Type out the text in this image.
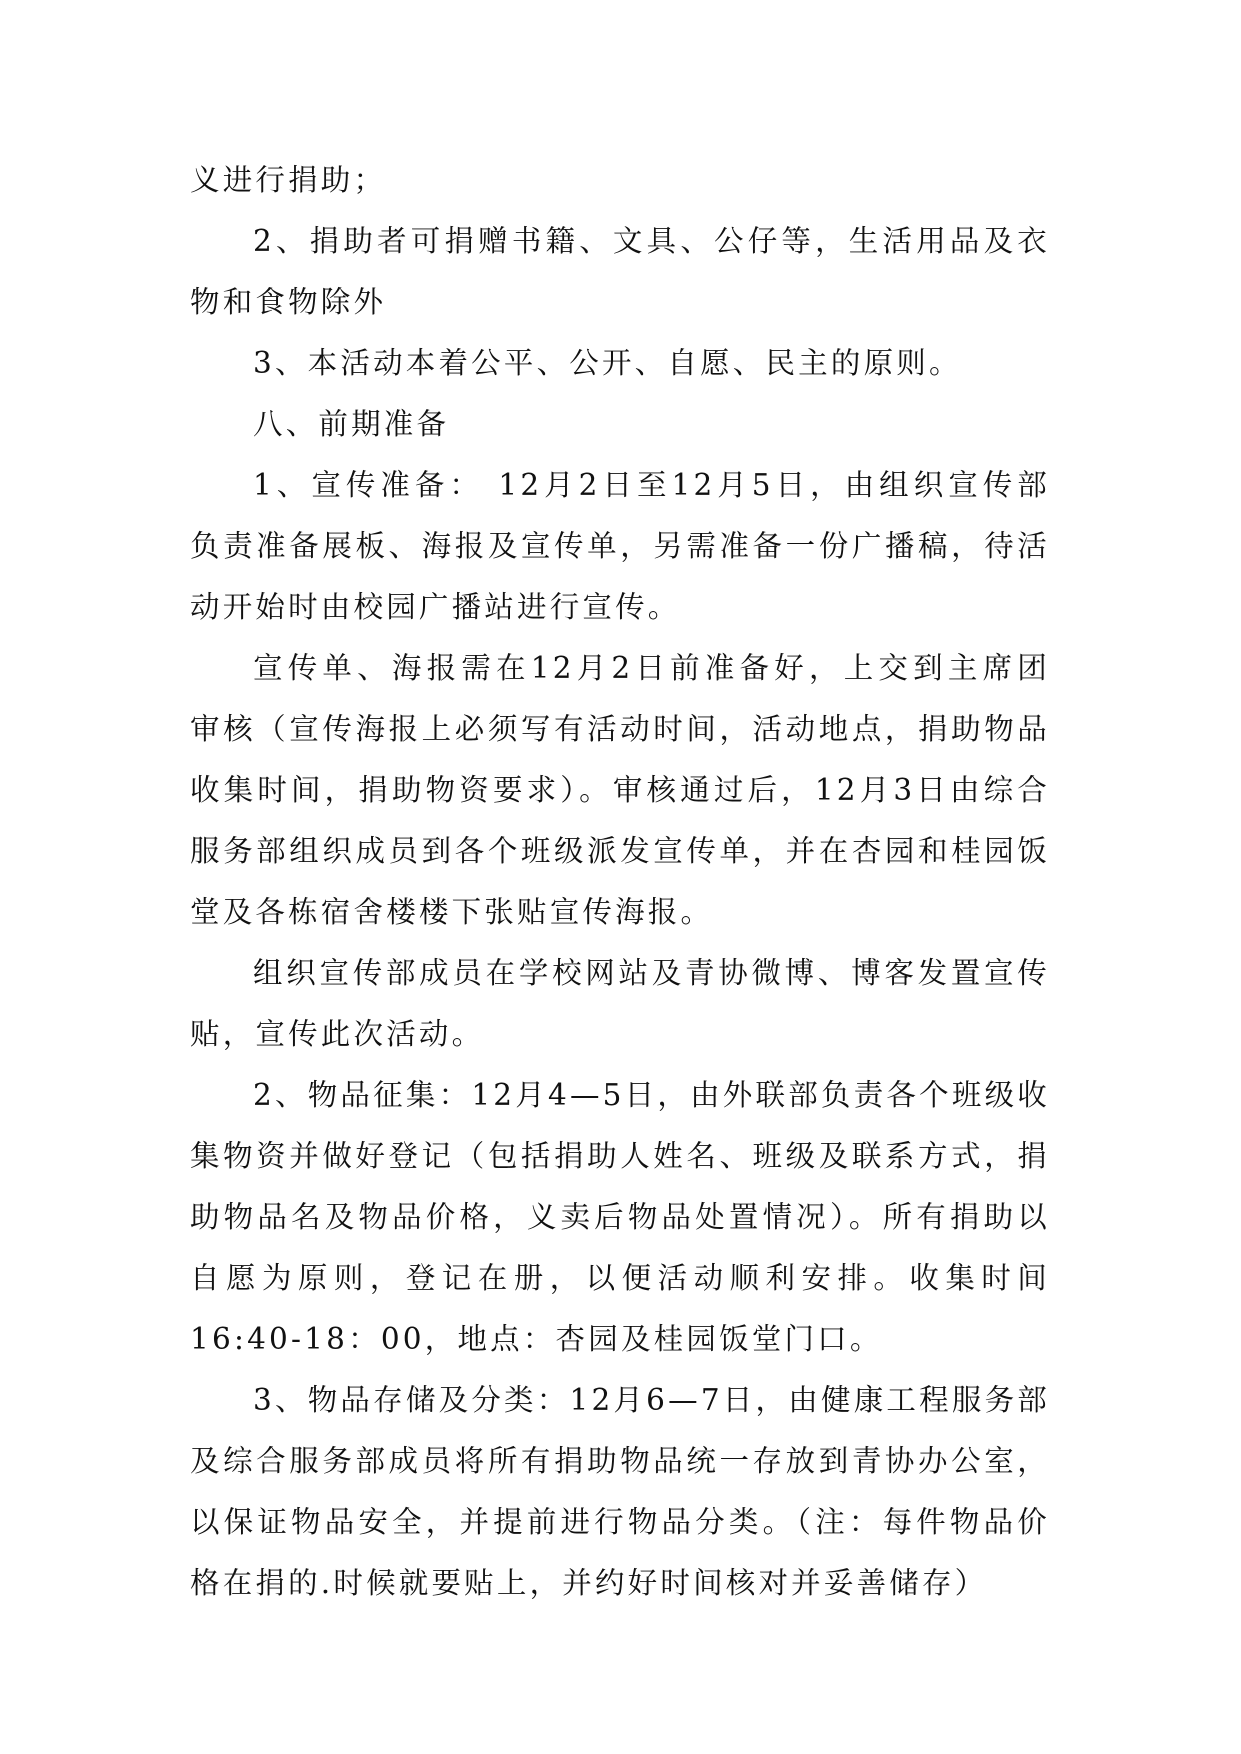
义进行捐助；
2、捐助者可捐赠书籍、文具、公仔等，生活用品及衣
物和食物除外
3、本活动本着公平、公开、自愿、民主的原则。
八、前期准备
1、宣传准备： 12月2日至12月5日，由组织宣传部
负责准备展板、海报及宣传单，另需准备一份广播稿，待活
动开始时由校园广播站进行宣传。
宣传单、海报需在12月2日前准备好，上交到主席团
审核（宣传海报上必须写有活动时间，活动地点，捐助物品
收集时间，捐助物资要求）。审核通过后，12月3日由综合
服务部组织成员到各个班级派发宣传单，并在杏园和桂园饭
堂及各栋宿舍楼楼下张贴宣传海报。
组织宣传部成员在学校网站及青协微博、博客发置宣传
贴，宣传此次活动。
2、物品征集：12月4—5日，由外联部负责各个班级收
集物资并做好登记（包括捐助人姓名、班级及联系方式，捐
助物品名及物品价格，义卖后物品处置情况）。所有捐助以
自愿为原则，登记在册，以便活动顺利安排。收集时间
16:40-18：00，地点：杏园及桂园饭堂门口。
3、物品存储及分类：12月6—7日，由健康工程服务部
及综合服务部成员将所有捐助物品统一存放到青协办公室，
以保证物品安全，并提前进行物品分类。（注：每件物品价
格在捐的.时候就要贴上，并约好时间核对并妥善储存）
